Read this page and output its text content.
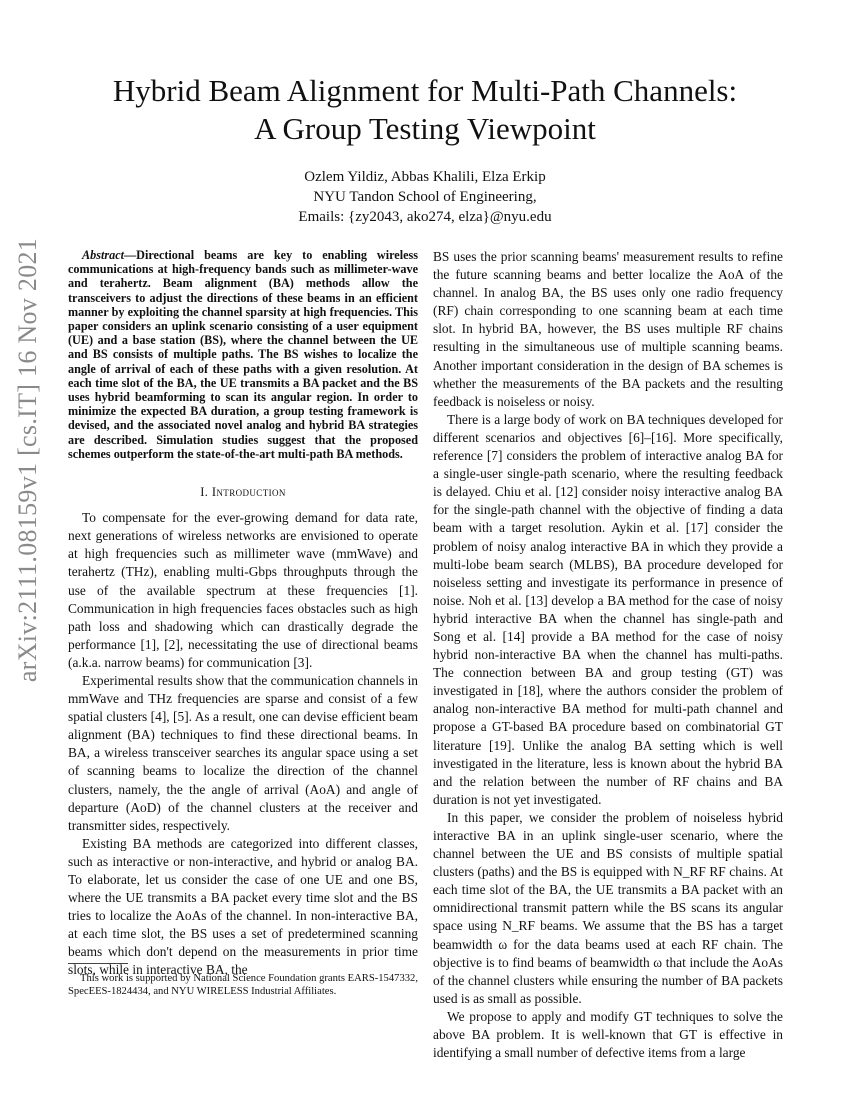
arXiv:2111.08159v1 [cs.IT] 16 Nov 2021
Hybrid Beam Alignment for Multi-Path Channels:
A Group Testing Viewpoint
Ozlem Yildiz, Abbas Khalili, Elza Erkip
NYU Tandon School of Engineering,
Emails: {zy2043, ako274, elza}@nyu.edu

Abstract—Directional beams are key to enabling wireless communications at high-frequency bands such as millimeter-wave and terahertz. Beam alignment (BA) methods allow the transceivers to adjust the directions of these beams in an efficient manner by exploiting the channel sparsity at high frequencies. This paper considers an uplink scenario consisting of a user equipment (UE) and a base station (BS), where the channel between the UE and BS consists of multiple paths. The BS wishes to localize the angle of arrival of each of these paths with a given resolution. At each time slot of the BA, the UE transmits a BA packet and the BS uses hybrid beamforming to scan its angular region. In order to minimize the expected BA duration, a group testing framework is devised, and the associated novel analog and hybrid BA strategies are described. Simulation studies suggest that the proposed schemes outperform the state-of-the-art multi-path BA methods.

I. Introduction

To compensate for the ever-growing demand for data rate, next generations of wireless networks are envisioned to operate at high frequencies such as millimeter wave (mmWave) and terahertz (THz), enabling multi-Gbps throughputs through the use of the available spectrum at these frequencies [1]. Communication in high frequencies faces obstacles such as high path loss and shadowing which can drastically degrade the performance [1], [2], necessitating the use of directional beams (a.k.a. narrow beams) for communication [3].

Experimental results show that the communication channels in mmWave and THz frequencies are sparse and consist of a few spatial clusters [4], [5]. As a result, one can devise efficient beam alignment (BA) techniques to find these directional beams. In BA, a wireless transceiver searches its angular space using a set of scanning beams to localize the direction of the channel clusters, namely, the the angle of arrival (AoA) and angle of departure (AoD) of the channel clusters at the receiver and transmitter sides, respectively.

Existing BA methods are categorized into different classes, such as interactive or non-interactive, and hybrid or analog BA. To elaborate, let us consider the case of one UE and one BS, where the UE transmits a BA packet every time slot and the BS tries to localize the AoAs of the channel. In non-interactive BA, at each time slot, the BS uses a set of predetermined scanning beams which don't depend on the measurements in prior time slots, while in interactive BA, the

This work is supported by National Science Foundation grants EARS-1547332, SpecEES-1824434, and NYU WIRELESS Industrial Affiliates.

BS uses the prior scanning beams' measurement results to refine the future scanning beams and better localize the AoA of the channel. In analog BA, the BS uses only one radio frequency (RF) chain corresponding to one scanning beam at each time slot. In hybrid BA, however, the BS uses multiple RF chains resulting in the simultaneous use of multiple scanning beams. Another important consideration in the design of BA schemes is whether the measurements of the BA packets and the resulting feedback is noiseless or noisy.

There is a large body of work on BA techniques developed for different scenarios and objectives [6]–[16]. More specifically, reference [7] considers the problem of interactive analog BA for a single-user single-path scenario, where the resulting feedback is delayed. Chiu et al. [12] consider noisy interactive analog BA for the single-path channel with the objective of finding a data beam with a target resolution. Aykin et al. [17] consider the problem of noisy analog interactive BA in which they provide a multi-lobe beam search (MLBS), BA procedure developed for noiseless setting and investigate its performance in presence of noise. Noh et al. [13] develop a BA method for the case of noisy hybrid interactive BA when the channel has single-path and Song et al. [14] provide a BA method for the case of noisy hybrid non-interactive BA when the channel has multi-paths. The connection between BA and group testing (GT) was investigated in [18], where the authors consider the problem of analog non-interactive BA method for multi-path channel and propose a GT-based BA procedure based on combinatorial GT literature [19]. Unlike the analog BA setting which is well investigated in the literature, less is known about the hybrid BA and the relation between the number of RF chains and BA duration is not yet investigated.

In this paper, we consider the problem of noiseless hybrid interactive BA in an uplink single-user scenario, where the channel between the UE and BS consists of multiple spatial clusters (paths) and the BS is equipped with N_RF RF chains. At each time slot of the BA, the UE transmits a BA packet with an omnidirectional transmit pattern while the BS scans its angular space using N_RF beams. We assume that the BS has a target beamwidth ω for the data beams used at each RF chain. The objective is to find beams of beamwidth ω that include the AoAs of the channel clusters while ensuring the number of BA packets used is as small as possible.

We propose to apply and modify GT techniques to solve the above BA problem. It is well-known that GT is effective in identifying a small number of defective items from a large
